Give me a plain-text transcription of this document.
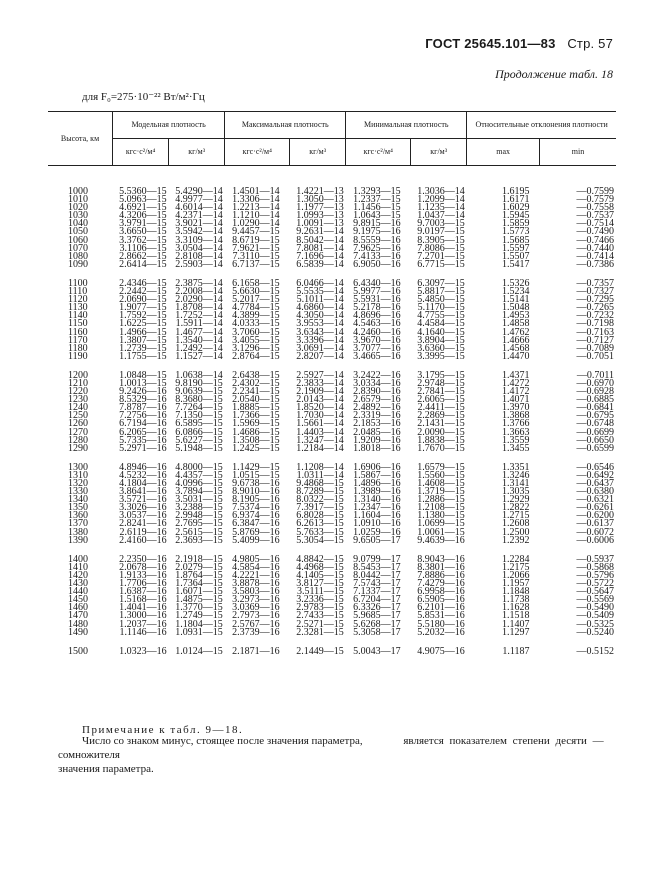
ГОСТ 25645.101—83 Стр. 57
Продолжение табл. 18
для F₀=275·10⁻²² Вт/м²·Гц
Высота, км	Модельная плотность		Максимальная плотность		Минимальная плотность		Относительные отклонения плотности	
	кгс·с²/м⁴	кг/м³	кгс·с²/м⁴	кг/м³	кгс·с²/м⁴	кг/м³	max	min
1000	5.5360—15	5.4290—14	1.4501—14	1.4221—13	1.3293—15	1.3036—14	1.6195	—0.7599
1010	5.0963—15	4.9977—14	1.3306—14	1.3050—13	1.2337—15	1.2099—14	1.6171	—0.7579
1020	4.6921—15	4.6014—14	1.2213—14	1.1977—13	1.1456—15	1.1235—14	1.6029	—0.7558
1030	4.3206—15	4.2371—14	1.1210—14	1.0993—13	1.0643—15	1.0437—14	1.5945	—0.7537
1040	3.9791—15	3.9021—14	1.0290—14	1.0091—13	9.8915—16	9.7003—15	1.5859	—0.7514
1050	3.6650—15	3.5942—14	9.4457—15	9.2631—14	9.1975—16	9.0197—15	1.5773	—0.7490
1060	3.3762—15	3.3109—14	8.6719—15	8.5042—14	8.5559—16	8.3905—15	1.5685	—0.7466
1070	3.1106—15	3.0504—14	7.9621—15	7.8081—14	7.9625—16	7.8086—15	1.5597	—0.7440
1080	2.8662—15	2.8108—14	7.3110—15	7.1696—14	7.4133—16	7.2701—15	1.5507	—0.7414
1090	2.6414—15	2.5903—14	6.7137—15	6.5839—14	6.9050—16	6.7715—15	1.5417	—0.7386

1100	2.4346—15	2.3875—14	6.1658—15	6.0466—14	6.4340—16	6.3097—15	1.5326	—0.7357
1110	2.2442—15	2.2008—14	5.6630—15	5.5535—14	5.9977—16	5.8817—15	1.5234	—0.7327
1120	2.0690—15	2.0290—14	5.2017—15	5.1011—14	5.5931—16	5.4850—15	1.5141	—0.7295
1130	1.9077—15	1.8708—14	4.7784—15	4.6860—14	5.2178—16	5.1170—15	1.5048	—0.7265
1140	1.7592—15	1.7252—14	4.3899—15	4.3050—14	4.8696—16	4.7755—15	1.4953	—0.7232
1150	1.6225—15	1.5911—14	4.0333—15	3.9553—14	4.5463—16	4.4584—15	1.4858	—0.7198
1160	1.4966—15	1.4677—14	3.7060—15	3.6343—14	4.2460—16	4.1640—15	1.4762	—0.7163
1170	1.3807—15	1.3540—14	3.4055—15	3.3396—14	3.9670—16	3.8904—15	1.4666	—0.7127
1180	1.2739—15	1.2492—14	3.1296—15	3.0691—14	3.7077—16	3.6360—15	1.4568	—0.7089
1190	1.1755—15	1.1527—14	2.8764—15	2.8207—14	3.4665—16	3.3995—15	1.4470	—0.7051

1200	1.0848—15	1.0638—14	2.6438—15	2.5927—14	3.2422—16	3.1795—15	1.4371	—0.7011
1210	1.0013—15	9.8190—15	2.4302—15	2.3833—14	3.0334—16	2.9748—15	1.4272	—0.6970
1220	9.2426—16	9.0639—15	2.2341—15	2.1909—14	2.8390—16	2.7841—15	1.4172	—0.6928
1230	8.5329—16	8.3680—15	2.0540—15	2.0143—14	2.6579—16	2.6065—15	1.4071	—0.6885
1240	7.8787—16	7.7264—15	1.8885—15	1.8520—14	2.4892—16	2.4411—15	1.3970	—0.6841
1250	7.2756—16	7.1350—15	1.7366—15	1.7030—14	2.3319—16	2.2869—15	1.3868	—0.6795
1260	6.7194—16	6.5895—15	1.5969—15	1.5661—14	2.1853—16	2.1431—15	1.3766	—0.6748
1270	6.2065—16	6.0866—15	1.4686—15	1.4403—14	2.0485—16	2.0090—15	1.3663	—0.6699
1280	5.7335—16	5.6227—15	1.3508—15	1.3247—14	1.9209—16	1.8838—15	1.3559	—0.6650
1290	5.2971—16	5.1948—15	1.2425—15	1.2184—14	1.8018—16	1.7670—15	1.3455	—0.6599

1300	4.8946—16	4.8000—15	1.1429—15	1.1208—14	1.6906—16	1.6579—15	1.3351	—0.6546
1310	4.5232—16	4.4357—15	1.0515—15	1.0311—14	1.5867—16	1.5560—15	1.3246	—0.6492
1320	4.1804—16	4.0996—15	9.6738—16	9.4868—15	1.4896—16	1.4608—15	1.3141	—0.6437
1330	3.8641—16	3.7894—15	8.9010—16	8.7289—15	1.3989—16	1.3719—15	1.3035	—0.6380
1340	3.5721—16	3.5031—15	8.1905—16	8.0322—15	1.3140—16	1.2886—15	1.2929	—0.6321
1350	3.3026—16	3.2388—15	7.5374—16	7.3917—15	1.2347—16	1.2108—15	1.2822	—0.6261
1360	3.0537—16	2.9948—15	6.9374—16	6.8028—15	1.1604—16	1.1380—15	1.2715	—0.6200
1370	2.8241—16	2.7695—15	6.3847—16	6.2613—15	1.0910—16	1.0699—15	1.2608	—0.6137
1380	2.6119—16	2.5615—15	5.8769—16	5.7633—15	1.0259—16	1.0061—15	1.2500	—0.6072
1390	2.4160—16	2.3693—15	5.4099—16	5.3054—15	9.6505—17	9.4639—16	1.2392	—0.6006

1400	2.2350—16	2.1918—15	4.9805—16	4.8842—15	9.0799—17	8.9043—16	1.2284	—0.5937
1410	2.0678—16	2.0279—15	4.5854—16	4.4968—15	8.5453—17	8.3801—16	1.2175	—0.5868
1420	1.9133—16	1.8764—15	4.2221—16	4.1405—15	8.0442—17	7.8886—16	1.2066	—0.5796
1430	1.7706—16	1.7364—15	3.8878—16	3.8127—15	7.5743—17	7.4279—16	1.1957	—0.5722
1440	1.6387—16	1.6071—15	3.5803—16	3.5111—15	7.1337—17	6.9958—16	1.1848	—0.5647
1450	1.5168—16	1.4875—15	3.2973—16	3.2336—15	6.7204—17	6.5905—16	1.1738	—0.5569
1460	1.4041—16	1.3770—15	3.0369—16	2.9783—15	6.3326—17	6.2101—16	1.1628	—0.5490
1470	1.3000—16	1.2749—15	2.7973—16	2.7433—15	5.9685—17	5.8531—16	1.1518	—0.5409
1480	1.2037—16	1.1804—15	2.5767—16	2.5271—15	5.6268—17	5.5180—16	1.1407	—0.5325
1490	1.1146—16	1.0931—15	2.3739—16	2.3281—15	5.3058—17	5.2032—16	1.1297	—0.5240

1500	1.0323—16	1.0124—15	2.1871—16	2.1449—15	5.0043—17	4.9075—16	1.1187	—0.5152
Примечание к табл. 9—18.
Число со знаком минус, стоящее после значения параметра,	является показателем степени десяти — сомножителя
значения параметра.
